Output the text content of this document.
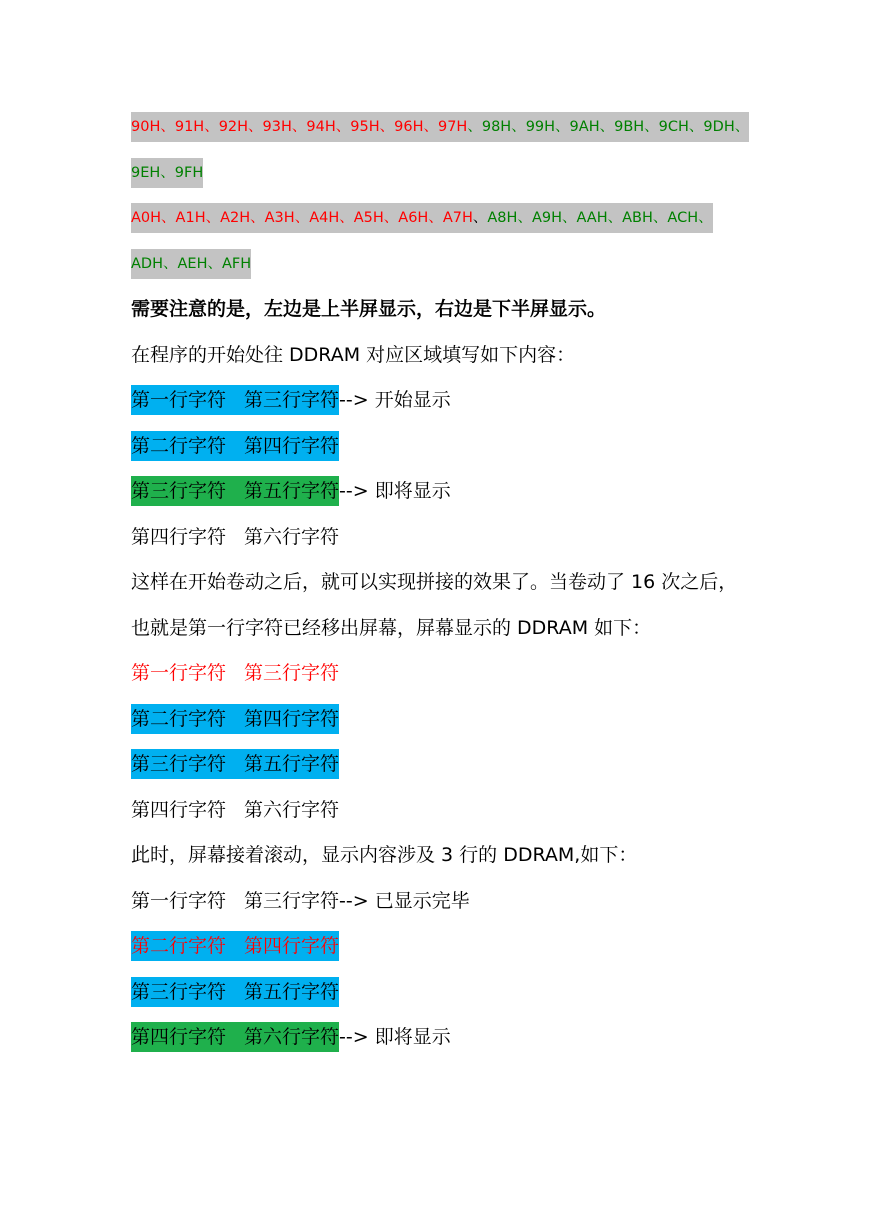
90H、91H、92H、93H、94H、95H、96H、97H、98H、99H、9AH、9BH、9CH、9DH、
9EH、9FH
A0H、A1H、A2H、A3H、A4H、A5H、A6H、A7H、A8H、A9H、AAH、ABH、ACH、
ADH、AEH、AFH
需要注意的是，左边是上半屏显示，右边是下半屏显示。
在程序的开始处往 DDRAM 对应区域填写如下内容：
第一行字符 第三行字符--> 开始显示
第二行字符 第四行字符
第三行字符 第五行字符--> 即将显示
第四行字符 第六行字符
这样在开始卷动之后，就可以实现拼接的效果了。当卷动了 16 次之后，
也就是第一行字符已经移出屏幕，屏幕显示的 DDRAM 如下：
第一行字符 第三行字符
第二行字符 第四行字符
第三行字符 第五行字符
第四行字符 第六行字符
此时，屏幕接着滚动，显示内容涉及 3 行的 DDRAM,如下：
第一行字符 第三行字符--> 已显示完毕
第二行字符 第四行字符
第三行字符 第五行字符
第四行字符 第六行字符--> 即将显示
